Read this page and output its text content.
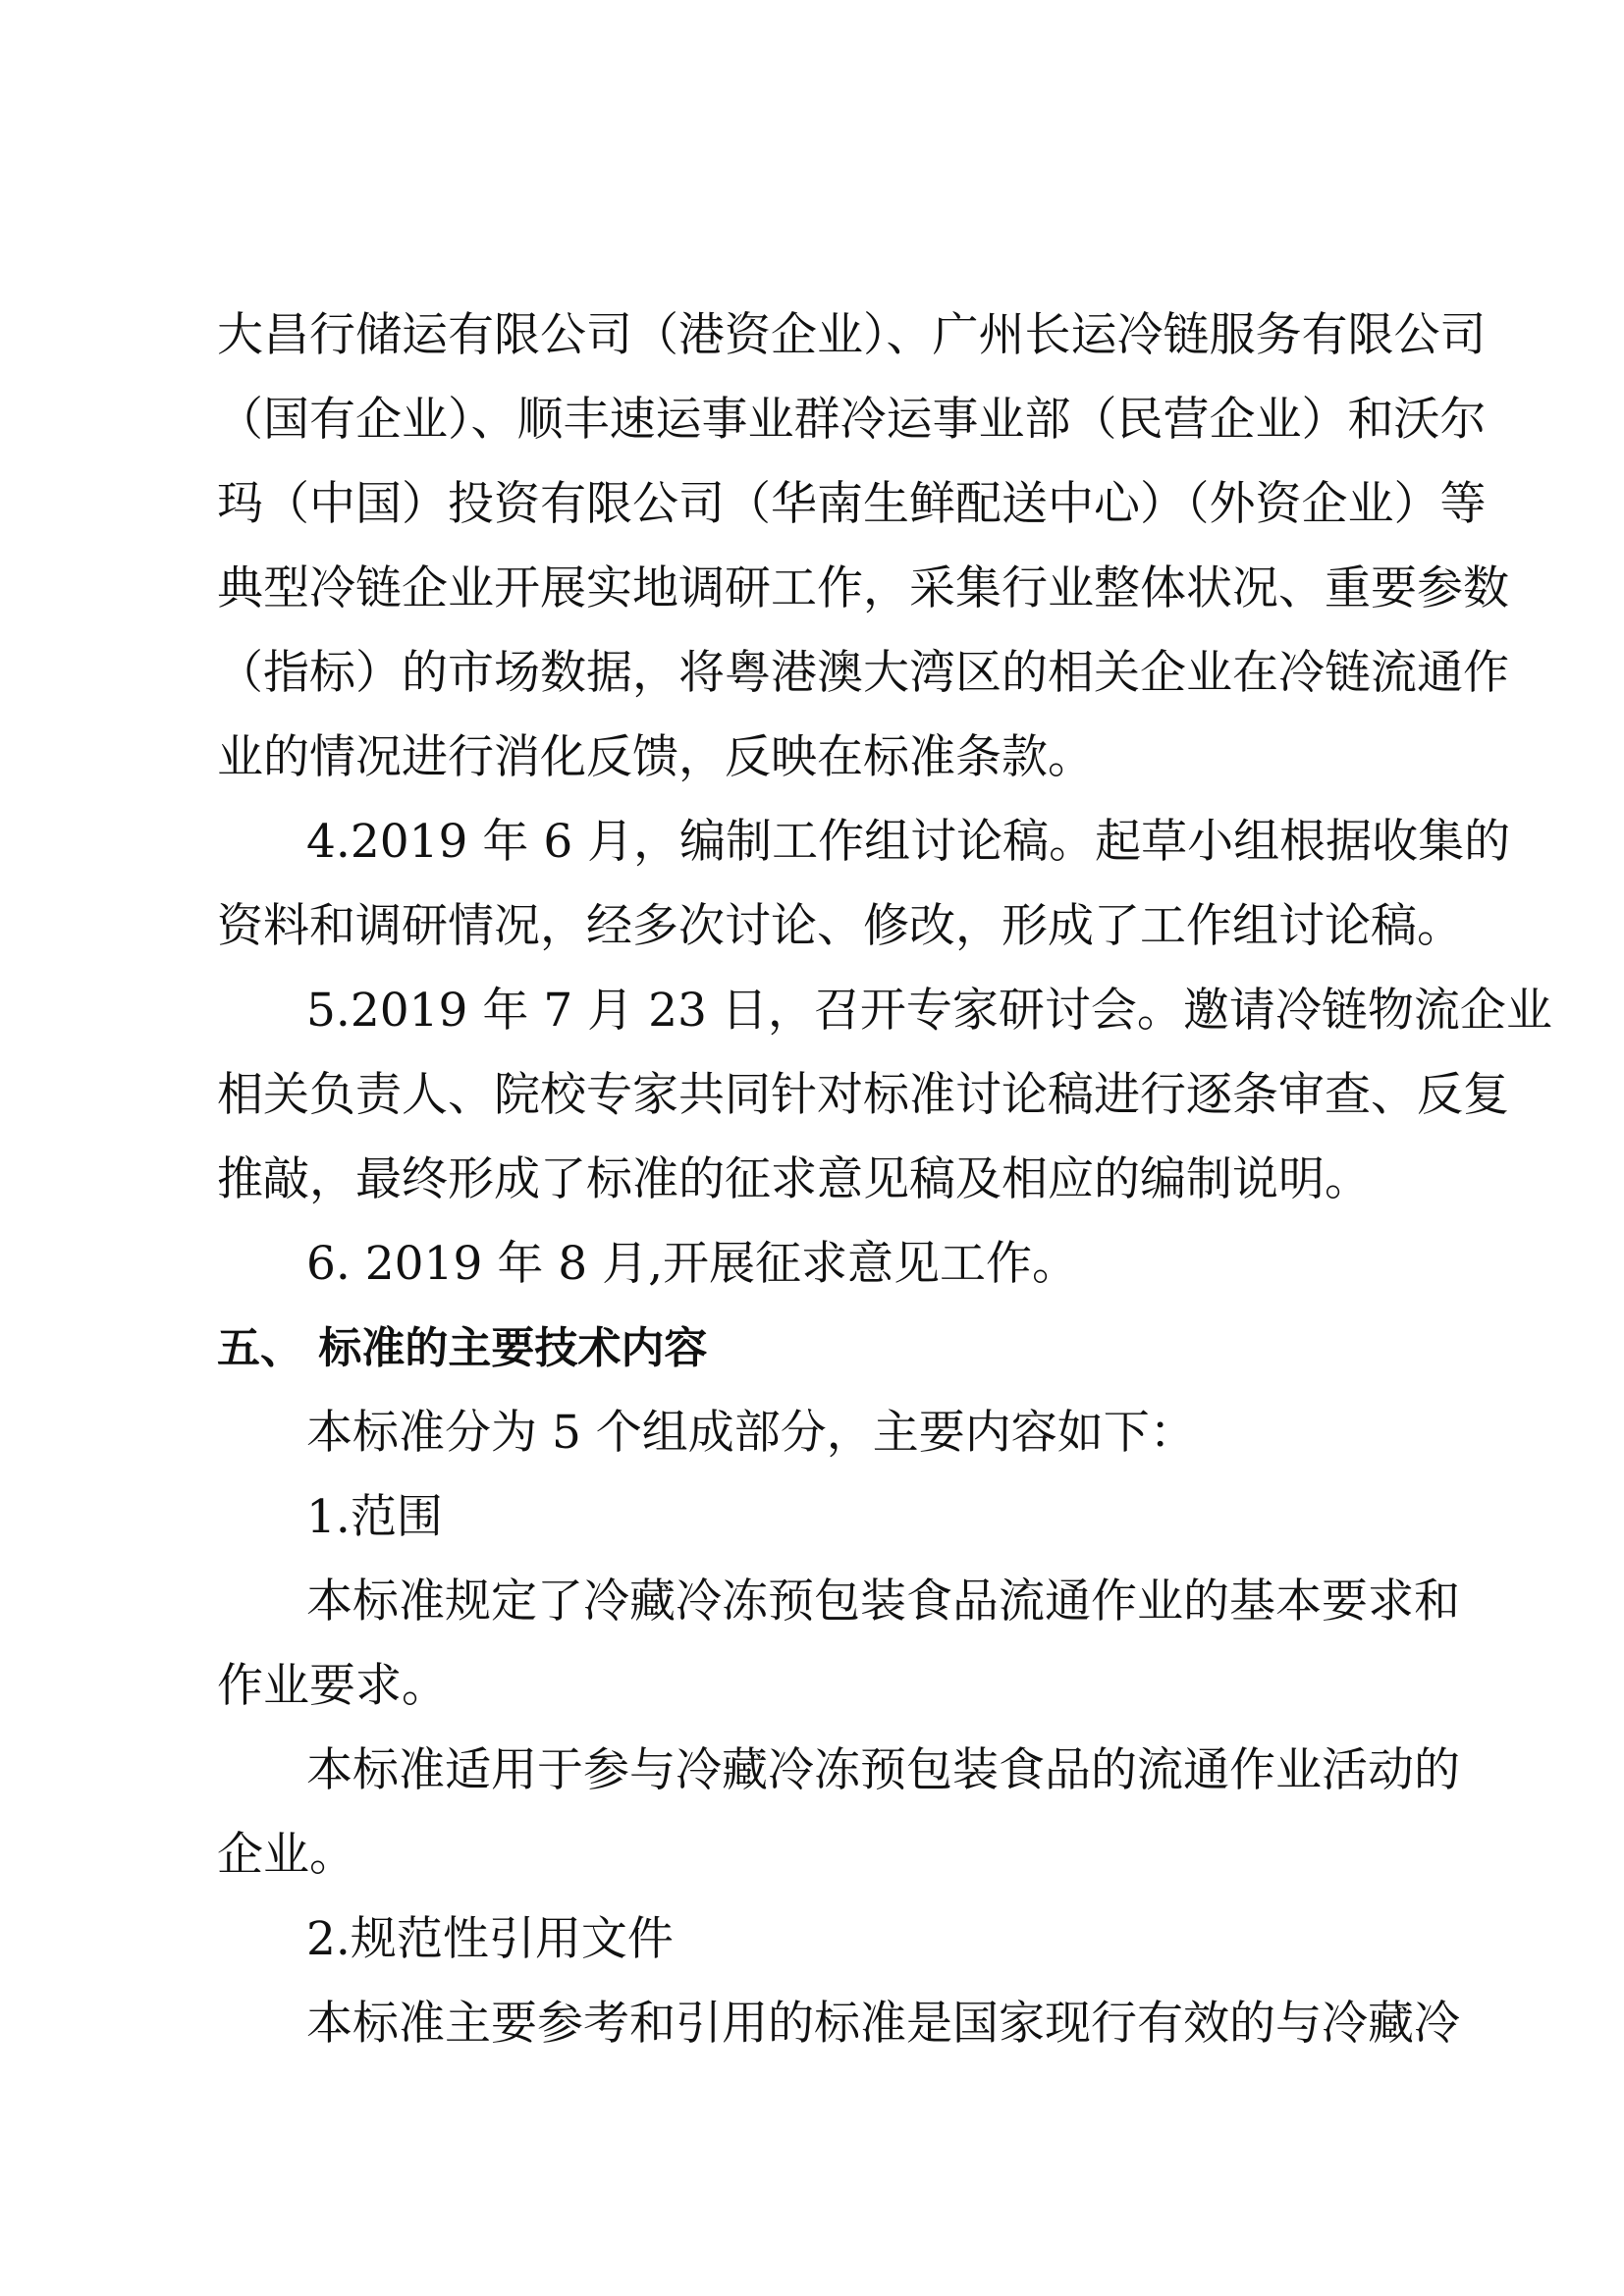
大昌行储运有限公司（港资企业）、广州长运冷链服务有限公司
（国有企业）、顺丰速运事业群冷运事业部（民营企业）和沃尔
玛（中国）投资有限公司（华南生鲜配送中心）（外资企业）等
典型冷链企业开展实地调研工作，采集行业整体状况、重要参数
（指标）的市场数据，将粤港澳大湾区的相关企业在冷链流通作
业的情况进行消化反馈，反映在标准条款。
4.2019 年 6 月，编制工作组讨论稿。起草小组根据收集的
资料和调研情况，经多次讨论、修改，形成了工作组讨论稿。
5.2019 年 7 月 23 日，召开专家研讨会。邀请冷链物流企业
相关负责人、院校专家共同针对标准讨论稿进行逐条审查、反复
推敲，最终形成了标准的征求意见稿及相应的编制说明。
6. 2019 年 8 月,开展征求意见工作。
五、 标准的主要技术内容
本标准分为 5 个组成部分，主要内容如下：
1.范围
本标准规定了冷藏冷冻预包装食品流通作业的基本要求和
作业要求。
本标准适用于参与冷藏冷冻预包装食品的流通作业活动的
企业。
2.规范性引用文件
本标准主要参考和引用的标准是国家现行有效的与冷藏冷
